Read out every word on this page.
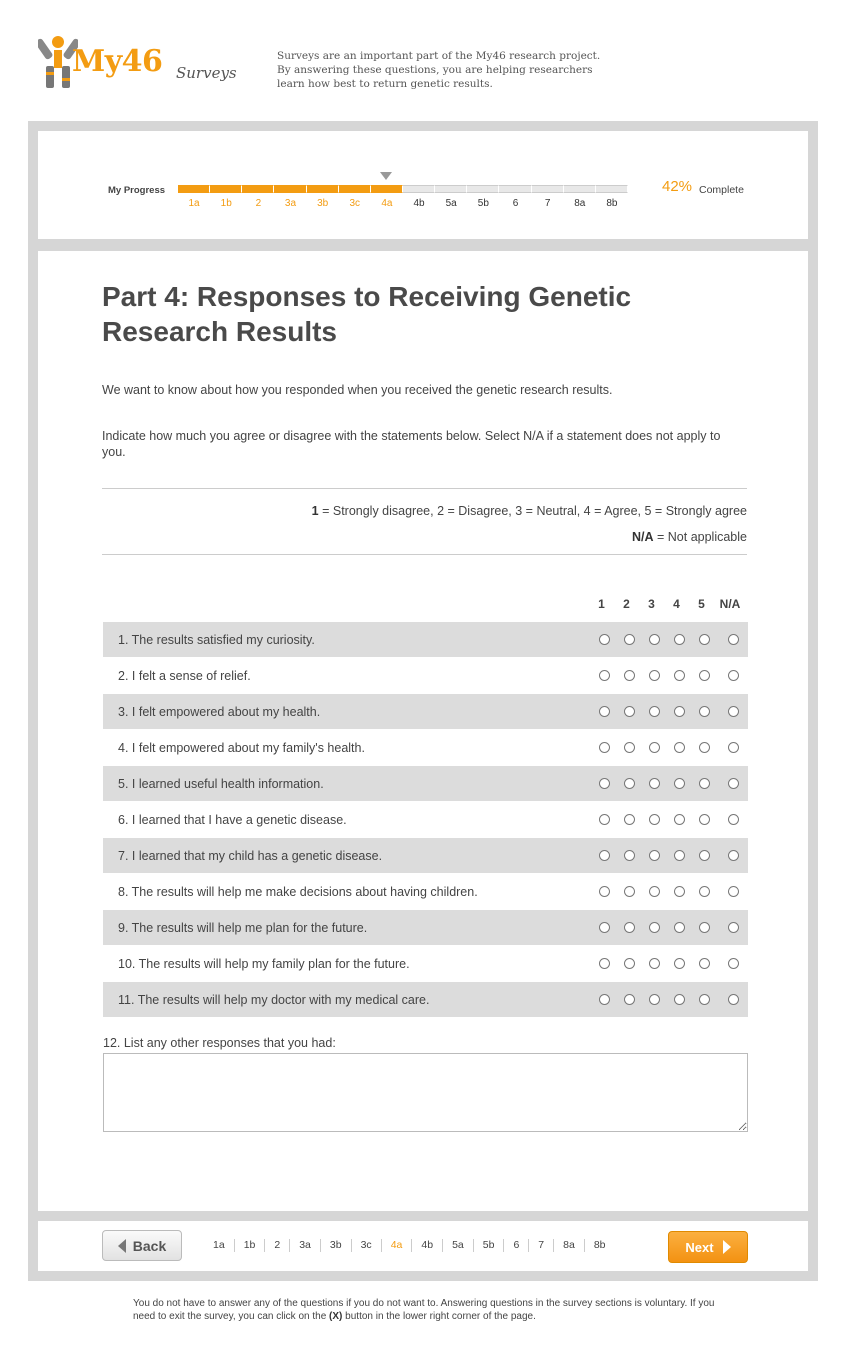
My46 Surveys
Surveys are an important part of the My46 research project. By answering these questions, you are helping researchers learn how best to return genetic results.
My Progress
1a	1b	2	3a	3b	3c	4a	4b	5a	5b	6	7	8a	8b
42% Complete
Part 4: Responses to Receiving Genetic Research Results

We want to know about how you responded when you received the genetic research results.

Indicate how much you agree or disagree with the statements below. Select N/A if a statement does not apply to you.

1 = Strongly disagree, 2 = Disagree, 3 = Neutral, 4 = Agree, 5 = Strongly agree
N/A = Not applicable
1	2	3	4	5	N/A
1. The results satisfied my curiosity.
2. I felt a sense of relief.
3. I felt empowered about my health.
4. I felt empowered about my family's health.
5. I learned useful health information.
6. I learned that I have a genetic disease.
7. I learned that my child has a genetic disease.
8. The results will help me make decisions about having children.
9. The results will help me plan for the future.
10. The results will help my family plan for the future.
11. The results will help my doctor with my medical care.
12. List any other responses that you had:
Back	1a	1b	2	3a	3b	3c	4a	4b	5a	5b	6	7	8a	8b	Next
You do not have to answer any of the questions if you do not want to. Answering questions in the survey sections is voluntary. If you need to exit the survey, you can click on the (X) button in the lower right corner of the page.
